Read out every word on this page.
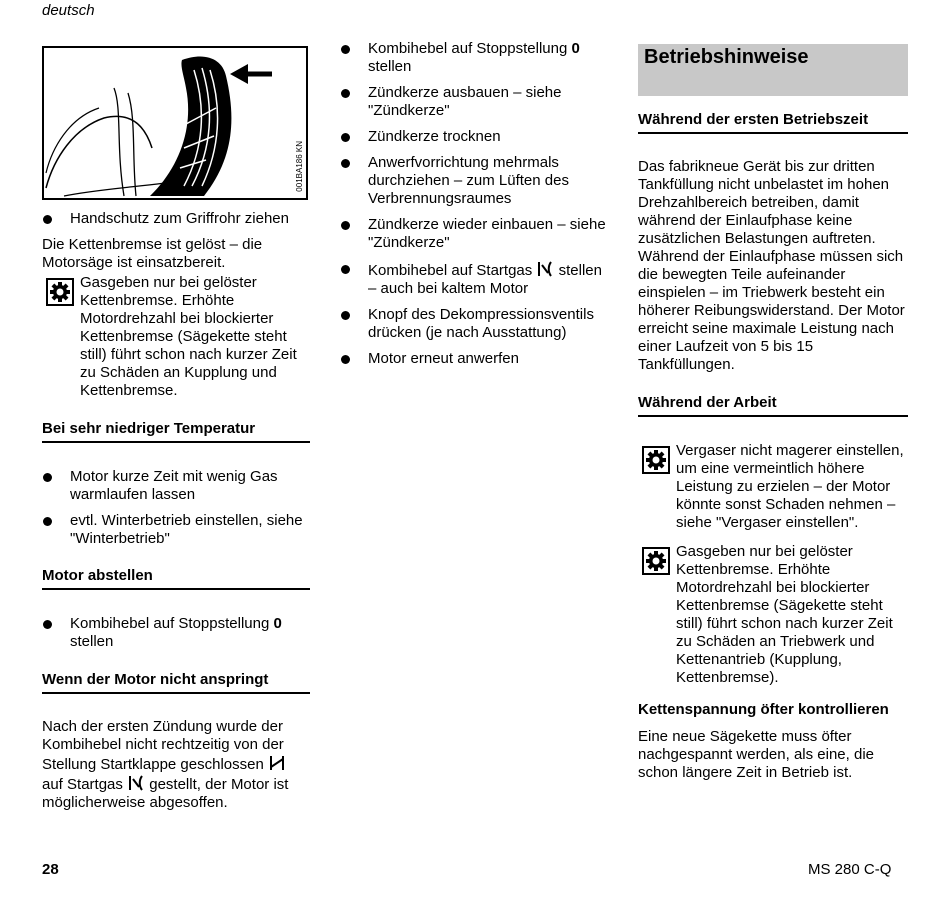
deutsch
001BA186 KN

Handschutz zum Griffrohr ziehen

Die Kettenbremse ist gelöst – die Motorsäge ist einsatzbereit.

Gasgeben nur bei gelöster Kettenbremse. Erhöhte Motordrehzahl bei blockierter Kettenbremse (Sägekette steht still) führt schon nach kurzer Zeit zu Schäden an Kupplung und Kettenbremse.
Bei sehr niedriger Temperatur

Motor kurze Zeit mit wenig Gas warmlaufen lassen

evtl. Winterbetrieb einstellen, siehe "Winterbetrieb"

Motor abstellen

Kombihebel auf Stoppstellung 0 stellen

Wenn der Motor nicht anspringt

Nach der ersten Zündung wurde der Kombihebel nicht rechtzeitig von der Stellung Startklappe geschlossen  auf Startgas  gestellt, der Motor ist möglicherweise abgesoffen.

Kombihebel auf Stoppstellung 0 stellen

Zündkerze ausbauen – siehe "Zündkerze"

Zündkerze trocknen

Anwerfvorrichtung mehrmals durchziehen – zum Lüften des Verbrennungsraumes

Zündkerze wieder einbauen – siehe "Zündkerze"

Kombihebel auf Startgas  stellen – auch bei kaltem Motor

Knopf des Dekompressionsventils drücken (je nach Ausstattung)

Motor erneut anwerfen

Betriebshinweise
Während der ersten Betriebszeit

Das fabrikneue Gerät bis zur dritten Tankfüllung nicht unbelastet im hohen Drehzahlbereich betreiben, damit während der Einlaufphase keine zusätzlichen Belastungen auftreten. Während der Einlaufphase müssen sich die bewegten Teile aufeinander einspielen – im Triebwerk besteht ein höherer Reibungswiderstand. Der Motor erreicht seine maximale Leistung nach einer Laufzeit von 5 bis 15 Tankfüllungen.

Während der Arbeit
Vergaser nicht magerer einstellen, um eine vermeintlich höhere Leistung zu erzielen – der Motor könnte sonst Schaden nehmen – siehe "Vergaser einstellen".
Gasgeben nur bei gelöster Kettenbremse. Erhöhte Motordrehzahl bei blockierter Kettenbremse (Sägekette steht still) führt schon nach kurzer Zeit zu Schäden an Triebwerk und Kettenantrieb (Kupplung, Kettenbremse).
Kettenspannung öfter kontrollieren

Eine neue Sägekette muss öfter nachgespannt werden, als eine, die schon längere Zeit in Betrieb ist.

28	MS 280 C-Q
